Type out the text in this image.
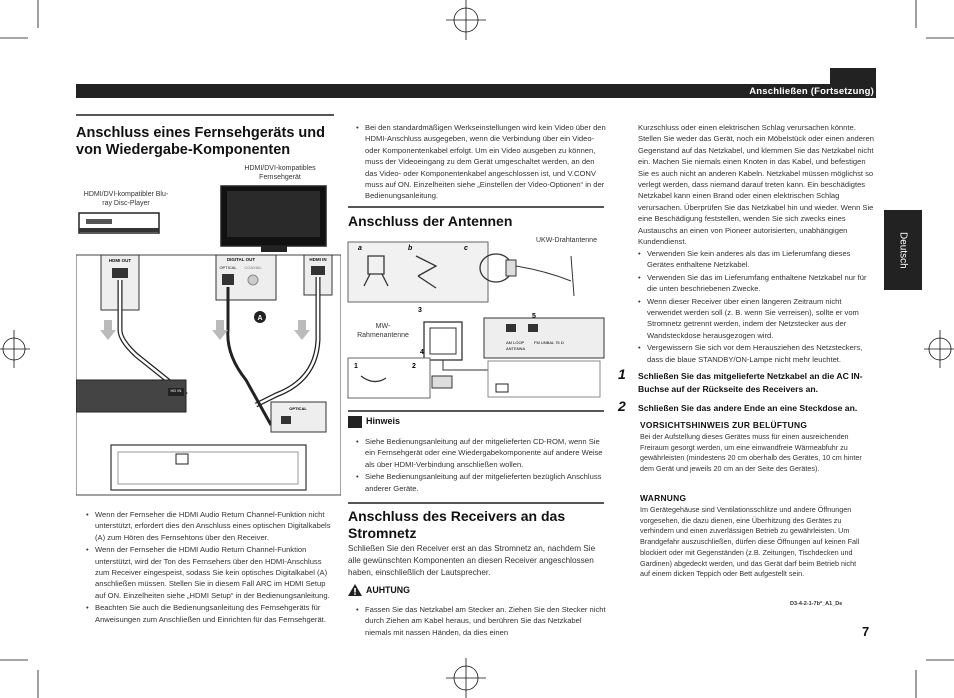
Anschließen (Fortsetzung)
Deutsch
Anschluss eines Fernsehgeräts und von Wiedergabe-Komponenten
HDMI/DVI-kompatibler Blu-ray Disc-Player
HDMI/DVI-kompatibles Fernsehgerät
HDMI OUT	DIGITAL OUT
OPTICAL COAXIAL
HDMI IN
A
HD IN
OPTICAL
• Wenn der Fernseher die HDMI Audio Return Channel-Funktion nicht unterstützt, erfordert dies den Anschluss eines optischen Digitalkabels (A) zum Hören des Fernsehtons über den Receiver.
• Wenn der Fernseher die HDMI Audio Return Channel-Funktion unterstützt, wird der Ton des Fernsehers über den HDMI-Anschluss zum Receiver eingespeist, sodass Sie kein optisches Digitalkabel (A) anschließen müssen. Stellen Sie in diesem Fall ARC im HDMI Setup auf ON. Einzelheiten siehe „HDMI Setup“ in der Bedienungsanleitung.
• Beachten Sie auch die Bedienungsanleitung des Fernsehgeräts für Anweisungen zum Anschließen und Einrichten für das Fernsehgerät.
• Bei den standardmäßigen Werkseinstellungen wird kein Video über den HDMI-Anschluss ausgegeben, wenn die Verbindung über ein Video- oder Komponentenkabel erfolgt. Um ein Video ausgeben zu können, muss der Videoeingang zu dem Gerät umgeschaltet werden, an den das Video- oder Komponentenkabel angeschlossen ist, und V.CONV muss auf ON. Einzelheiten siehe „Einstellen der Video-Optionen“ in der Bedienungsanleitung.
Anschluss der Antennen
a	b	c
AM LOOP
ANTENNA
FM UNBAL 75 Ω
3
4
5
1	2
UKW-Drahtantenne
MW-Rahmenantenne
Hinweis
• Siehe Bedienungsanleitung auf der mitgelieferten CD-ROM, wenn Sie ein Fernsehgerät oder eine Wiedergabekomponente auf andere Weise als über HDMI-Verbindung anschließen wollen.
• Siehe Bedienungsanleitung auf der mitgelieferten bezüglich Anschluss anderer Geräte.
Anschluss des Receivers an das Stromnetz
Schließen Sie den Receiver erst an das Stromnetz an, nachdem Sie alle gewünschten Komponenten an diesen Receiver angeschlossen haben, einschließlich der Lautsprecher.
AUHTUNG
• Fassen Sie das Netzkabel am Stecker an. Ziehen Sie den Stecker nicht durch Ziehen am Kabel heraus, und berühren Sie das Netzkabel niemals mit nassen Händen, da dies einen
Kurzschluss oder einen elektrischen Schlag verursachen könnte. Stellen Sie weder das Gerät, noch ein Möbelstück oder einen anderen Gegenstand auf das Netzkabel, und klemmen Sie das Netzkabel nicht ein. Machen Sie niemals einen Knoten in das Kabel, und befestigen Sie es auch nicht an anderen Kabeln. Netzkabel müssen möglichst so verlegt werden, dass niemand darauf treten kann. Ein beschädigtes Netzkabel kann einen Brand oder einen elektrischen Schlag verursachen. Überprüfen Sie das Netzkabel hin und wieder. Wenn Sie eine Beschädigung feststellen, wenden Sie sich zwecks eines Austauschs an einen von Pioneer autorisierten, unabhängigen Kundendienst.
• Verwenden Sie kein anderes als das im Lieferumfang dieses Gerätes enthaltene Netzkabel.
• Verwenden Sie das im Lieferumfang enthaltene Netzkabel nur für die unten beschriebenen Zwecke.
• Wenn dieser Receiver über einen längeren Zeitraum nicht verwendet werden soll (z. B. wenn Sie verreisen), sollte er vom Stromnetz getrennt werden, indem der Netzstecker aus der Wandsteckdose herausgezogen wird.
• Vergewissern Sie sich vor dem Herausziehen des Netzsteckers, dass die blaue STANDBY/ON-Lampe nicht mehr leuchtet.
1 Schließen Sie das mitgelieferte Netzkabel an die AC IN-Buchse auf der Rückseite des Receivers an.
2 Schließen Sie das andere Ende an eine Steckdose an.
VORSICHTSHINWEIS ZUR BELÜFTUNG
Bei der Aufstellung dieses Gerätes muss für einen ausreichenden Freiraum gesorgt werden, um eine einwandfreie Wärmeabfuhr zu gewährleisten (mindestens 20 cm oberhalb des Gerätes, 10 cm hinter dem Gerät und jeweils 20 cm an der Seite des Gerätes).
WARNUNG
Im Gerätegehäuse sind Ventilationsschlitze und andere Öffnungen vorgesehen, die dazu dienen, eine Überhitzung des Gerätes zu verhindern und einen zuverlässigen Betrieb zu gewährleisten. Um Brandgefahr auszuschließen, dürfen diese Öffnungen auf keinen Fall blockiert oder mit Gegenständen (z.B. Zeitungen, Tischdecken und Gardinen) abgedeckt werden, und das Gerät darf beim Betrieb nicht auf einem dicken Teppich oder Bett aufgestellt sein.
D3-4-2-1-7b*_A1_De
7
